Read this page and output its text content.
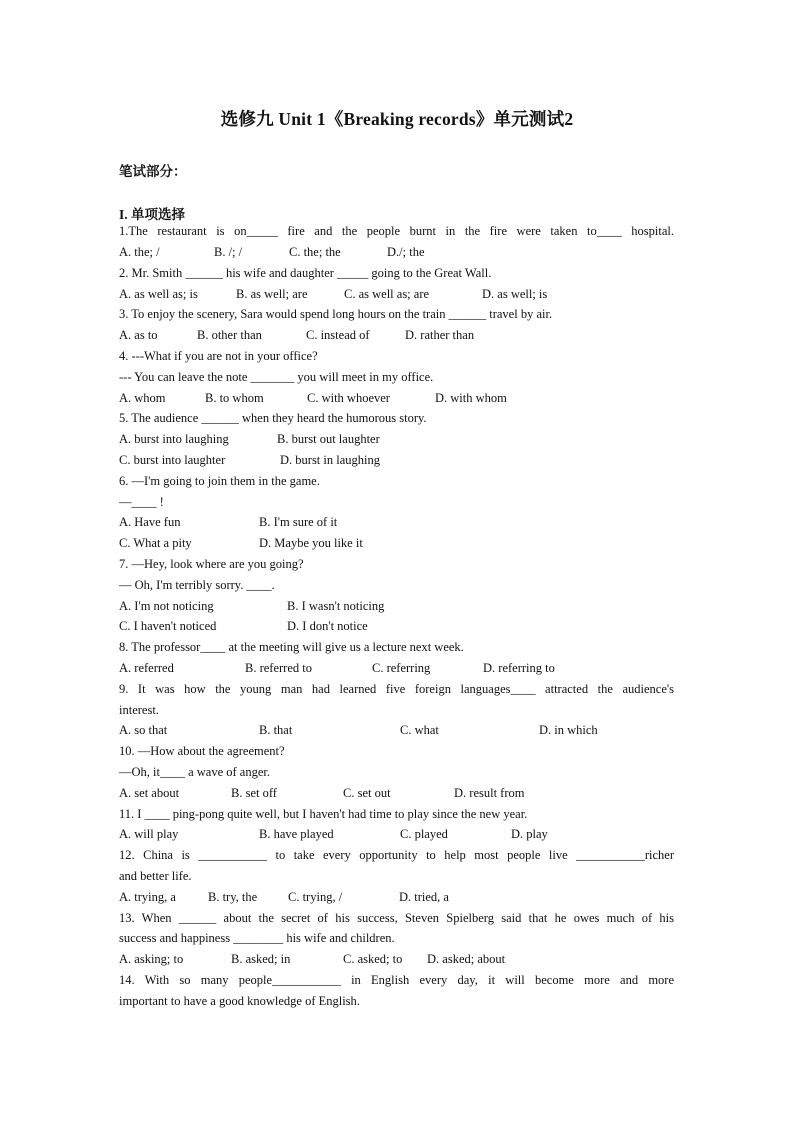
选修九 Unit 1《Breaking records》单元测试2
笔试部分：
I. 单项选择
1.The restaurant is on_____ fire and the people burnt in the fire were taken to____ hospital.
A. the; /	B. /; /	C. the; the	D./; the
2. Mr. Smith ______ his wife and daughter _____ going to the Great Wall.
A. as well as; is	B. as well; are	C. as well as; are	D. as well; is
3. To enjoy the scenery, Sara would spend long hours on the train ______ travel by air.
A. as to	B. other than	C. instead of	D. rather than
4. ---What if you are not in your office?
--- You can leave the note _______ you will meet in my office.
A. whom	B. to whom	C. with whoever	D. with whom
5. The audience ______ when they heard the humorous story.
A. burst into laughing	B. burst out laughter
C. burst into laughter	D. burst in laughing
6. —I'm going to join them in the game.
—____ !
A. Have fun	B. I'm sure of it
C. What a pity	D. Maybe you like it
7. —Hey, look where are you going?
— Oh, I'm terribly sorry. ____.
A. I'm not noticing	B. I wasn't noticing
C. I haven't noticed	D. I don't notice
8. The professor____ at the meeting will give us a lecture next week.
A. referred	B. referred to	C. referring	D. referring to
9. It was how the young man had learned five foreign languages____ attracted the audience's
interest.
A. so that	B. that	C. what	D. in which
10. —How about the agreement?
—Oh, it____ a wave of anger.
A. set about	B. set off	C. set out	D. result from
11. I ____ ping-pong quite well, but I haven't had time to play since the new year.
A. will play	B. have played	C. played	D. play
12. China is ___________ to take every opportunity to help most people live ___________richer
and better life.
A. trying, a	B. try, the C. trying, /	D. tried, a
13. When ______ about the secret of his success, Steven Spielberg said that he owes much of his
success and happiness ________ his wife and children.
A. asking; to	B. asked; in	C. asked; to D. asked; about
14. With so many people___________ in English every day, it will become more and more
important to have a good knowledge of English.
